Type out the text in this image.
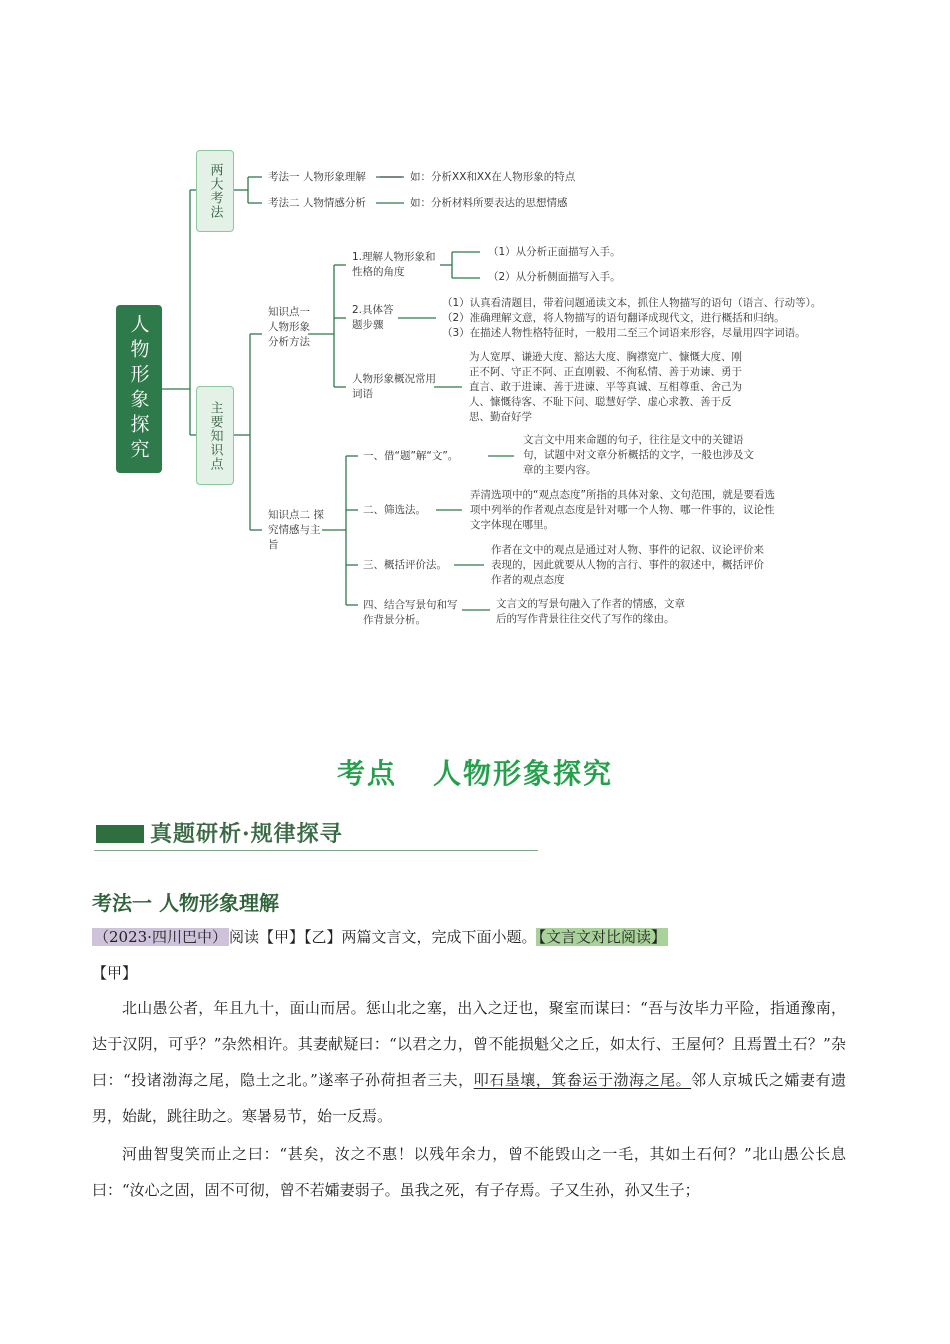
人物形象探究
两大考法
主要知识点
考法一 人物形象理解	如：分析XX和XX在人物形象的特点
考法二 人物情感分析	如：分析材料所要表达的思想情感
知识点一 人物形象分析方法
1.理解人物形象和性格的角度
（1）从分析正面描写入手。
（2）从分析侧面描写入手。
2.具体答题步骤
（1）认真看清题目，带着问题通读文本，抓住人物描写的语句（语言、行动等）。
（2）准确理解文意，将人物描写的语句翻译成现代文，进行概括和归纳。
（3）在描述人物性格特征时，一般用二至三个词语来形容，尽量用四字词语。
人物形象概况常用词语
为人宽厚、谦逊大度、豁达大度、胸襟宽广、慷慨大度、刚正不阿、守正不阿、正直刚毅、不徇私情、善于劝谏、勇于直言、敢于进谏、善于进谏、平等真诚、互相尊重、舍己为人、慷慨待客、不耻下问、聪慧好学、虚心求教、善于反思、勤奋好学
知识点二 探究情感与主旨
一、借“题”解“文”。
文言文中用来命题的句子，往往是文中的关键语句，试题中对文章分析概括的文字，一般也涉及文章的主要内容。
二、筛选法。
弄清选项中的“观点态度”所指的具体对象、文句范围，就是要看选项中列举的作者观点态度是针对哪一个人物、哪一件事的，议论性文字体现在哪里。
三、概括评价法。
作者在文中的观点是通过对人物、事件的记叙、议论评价来表现的，因此就要从人物的言行、事件的叙述中，概括评价作者的观点态度
四、结合写景句和写作背景分析。
文言文的写景句融入了作者的情感，文章后的写作背景往往交代了写作的缘由。
考点 人物形象探究
真题研析·规律探寻
考法一 人物形象理解
（2023·四川巴中） 阅读【甲】【乙】两篇文言文，完成下面小题。 【文言文对比阅读】
【甲】
北山愚公者，年且九十，面山而居。惩山北之塞，出入之迂也，聚室而谋曰：“吾与汝毕力平险，指通豫南，达于汉阴，可乎？”杂然相许。其妻献疑曰：“以君之力，曾不能损魁父之丘，如太行、王屋何？且焉置土石？”杂曰：“投诸渤海之尾，隐土之北。”遂率子孙荷担者三夫，叩石垦壤，箕畚运于渤海之尾。邻人京城氏之孀妻有遗男，始龀，跳往助之。寒暑易节，始一反焉。
河曲智叟笑而止之曰：“甚矣，汝之不惠！以残年余力，曾不能毁山之一毛，其如土石何？”北山愚公长息曰：“汝心之固，固不可彻，曾不若孀妻弱子。虽我之死，有子存焉。子又生孙，孙又生子；
